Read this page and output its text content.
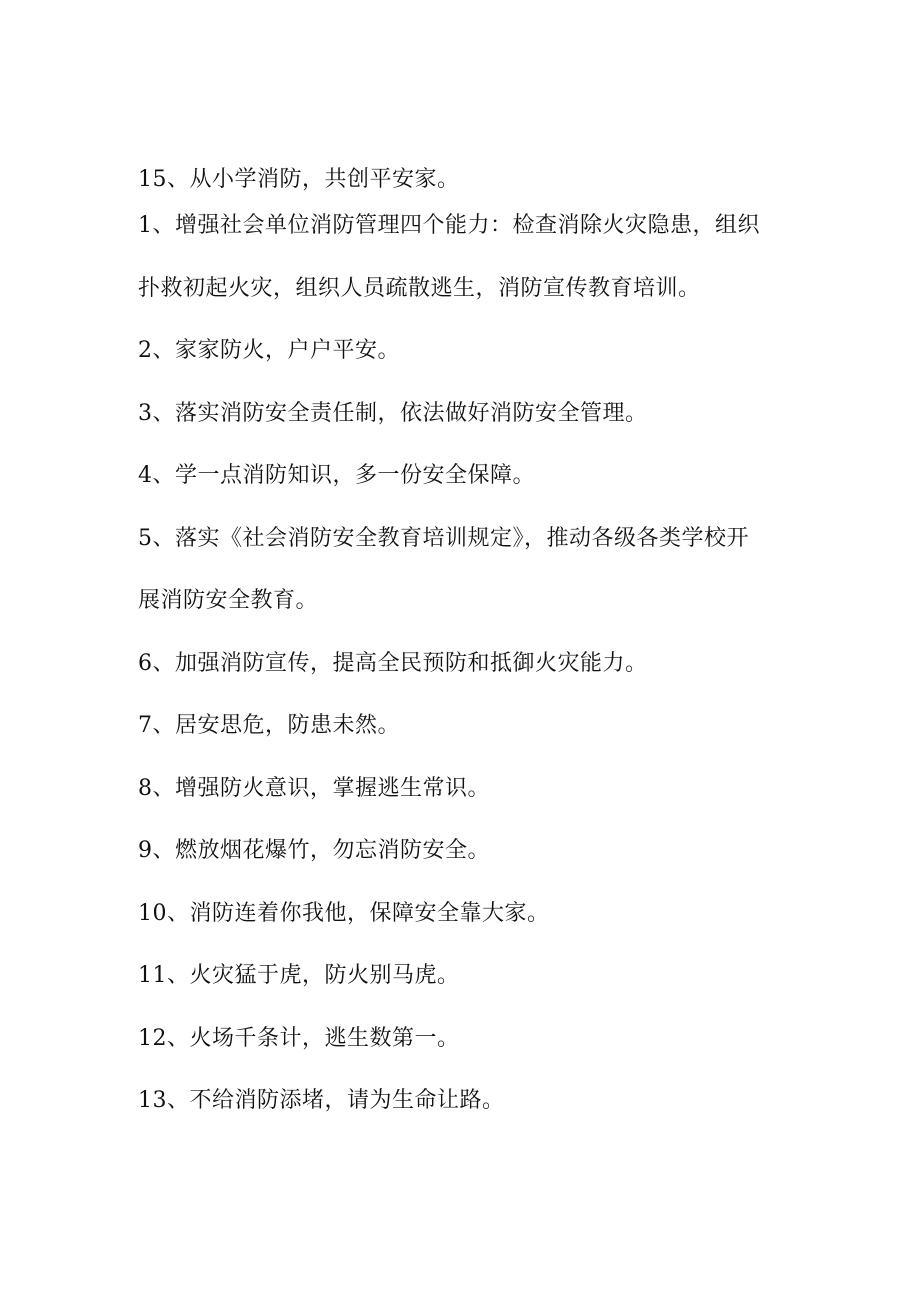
15、从小学消防，共创平安家。
1、增强社会单位消防管理四个能力：检查消除火灾隐患，组织
扑救初起火灾，组织人员疏散逃生，消防宣传教育培训。
2、家家防火，户户平安。
3、落实消防安全责任制，依法做好消防安全管理。
4、学一点消防知识，多一份安全保障。
5、落实《社会消防安全教育培训规定》，推动各级各类学校开
展消防安全教育。
6、加强消防宣传，提高全民预防和抵御火灾能力。
7、居安思危，防患未然。
8、增强防火意识，掌握逃生常识。
9、燃放烟花爆竹，勿忘消防安全。
10、消防连着你我他，保障安全靠大家。
11、火灾猛于虎，防火别马虎。
12、火场千条计，逃生数第一。
13、不给消防添堵，请为生命让路。
